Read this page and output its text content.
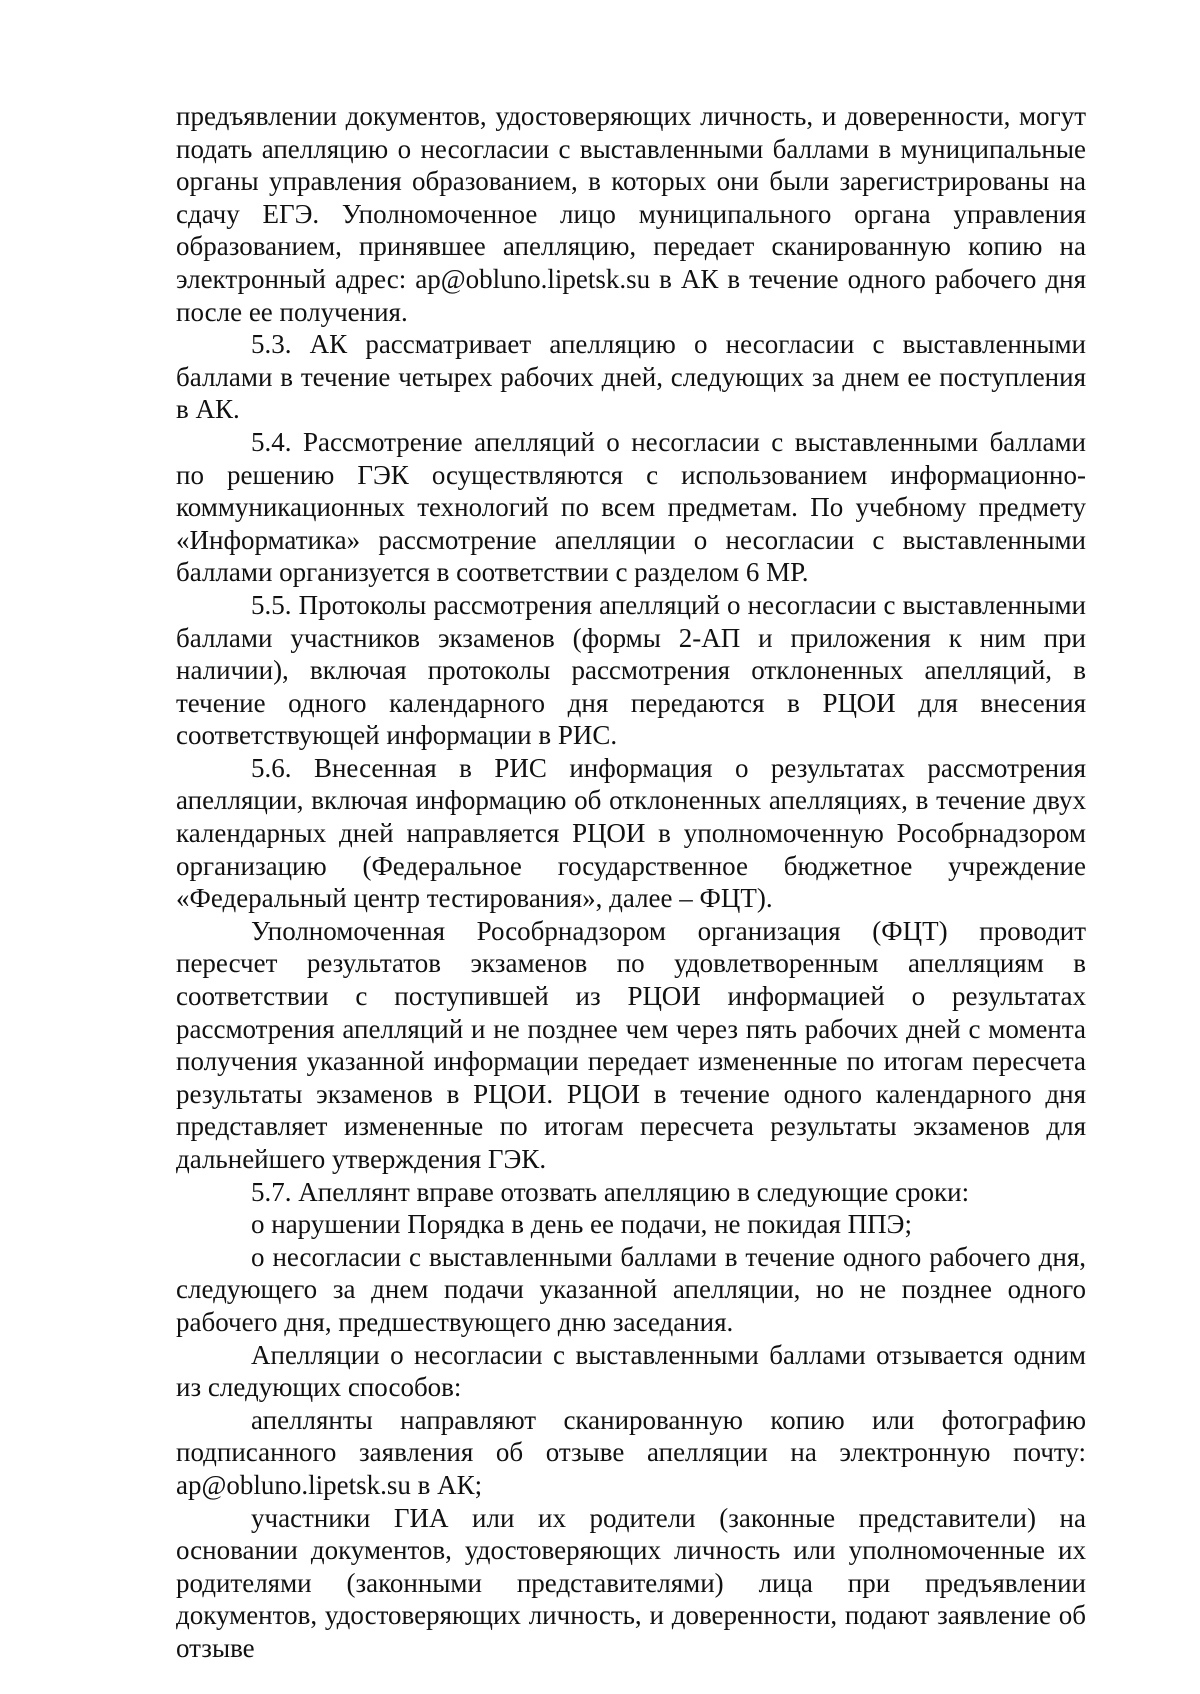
предъявлении документов, удостоверяющих личность, и доверенности, могут подать апелляцию о несогласии с выставленными баллами в муниципальные органы управления образованием, в которых они были зарегистрированы на сдачу ЕГЭ. Уполномоченное лицо муниципального органа управления образованием, принявшее апелляцию, передает сканированную копию на электронный адрес: ap@obluno.lipetsk.su в АК в течение одного рабочего дня после ее получения.

5.3. АК рассматривает апелляцию о несогласии с выставленными баллами в течение четырех рабочих дней, следующих за днем ее поступления в АК.

5.4. Рассмотрение апелляций о несогласии с выставленными баллами по решению ГЭК осуществляются с использованием информационно-коммуникационных технологий по всем предметам. По учебному предмету «Информатика» рассмотрение апелляции о несогласии с выставленными баллами организуется в соответствии с разделом 6 МР.

5.5. Протоколы рассмотрения апелляций о несогласии с выставленными баллами участников экзаменов (формы 2-АП и приложения к ним при наличии), включая протоколы рассмотрения отклоненных апелляций, в течение одного календарного дня передаются в РЦОИ для внесения соответствующей информации в РИС.

5.6. Внесенная в РИС информация о результатах рассмотрения апелляции, включая информацию об отклоненных апелляциях, в течение двух календарных дней направляется РЦОИ в уполномоченную Рособрнадзором организацию (Федеральное государственное бюджетное учреждение «Федеральный центр тестирования», далее – ФЦТ).

Уполномоченная Рособрнадзором организация (ФЦТ) проводит пересчет результатов экзаменов по удовлетворенным апелляциям в соответствии с поступившей из РЦОИ информацией о результатах рассмотрения апелляций и не позднее чем через пять рабочих дней с момента получения указанной информации передает измененные по итогам пересчета результаты экзаменов в РЦОИ. РЦОИ в течение одного календарного дня представляет измененные по итогам пересчета результаты экзаменов для дальнейшего утверждения ГЭК.

5.7. Апеллянт вправе отозвать апелляцию в следующие сроки:

о нарушении Порядка в день ее подачи, не покидая ППЭ;

о несогласии с выставленными баллами в течение одного рабочего дня, следующего за днем подачи указанной апелляции, но не позднее одного рабочего дня, предшествующего дню заседания.

Апелляции о несогласии с выставленными баллами отзывается одним из следующих способов:

апеллянты направляют сканированную копию или фотографию подписанного заявления об отзыве апелляции на электронную почту: ap@obluno.lipetsk.su в АК;

участники ГИА или их родители (законные представители) на основании документов, удостоверяющих личность или уполномоченные их родителями (законными представителями) лица при предъявлении документов, удостоверяющих личность, и доверенности, подают заявление об отзыве
